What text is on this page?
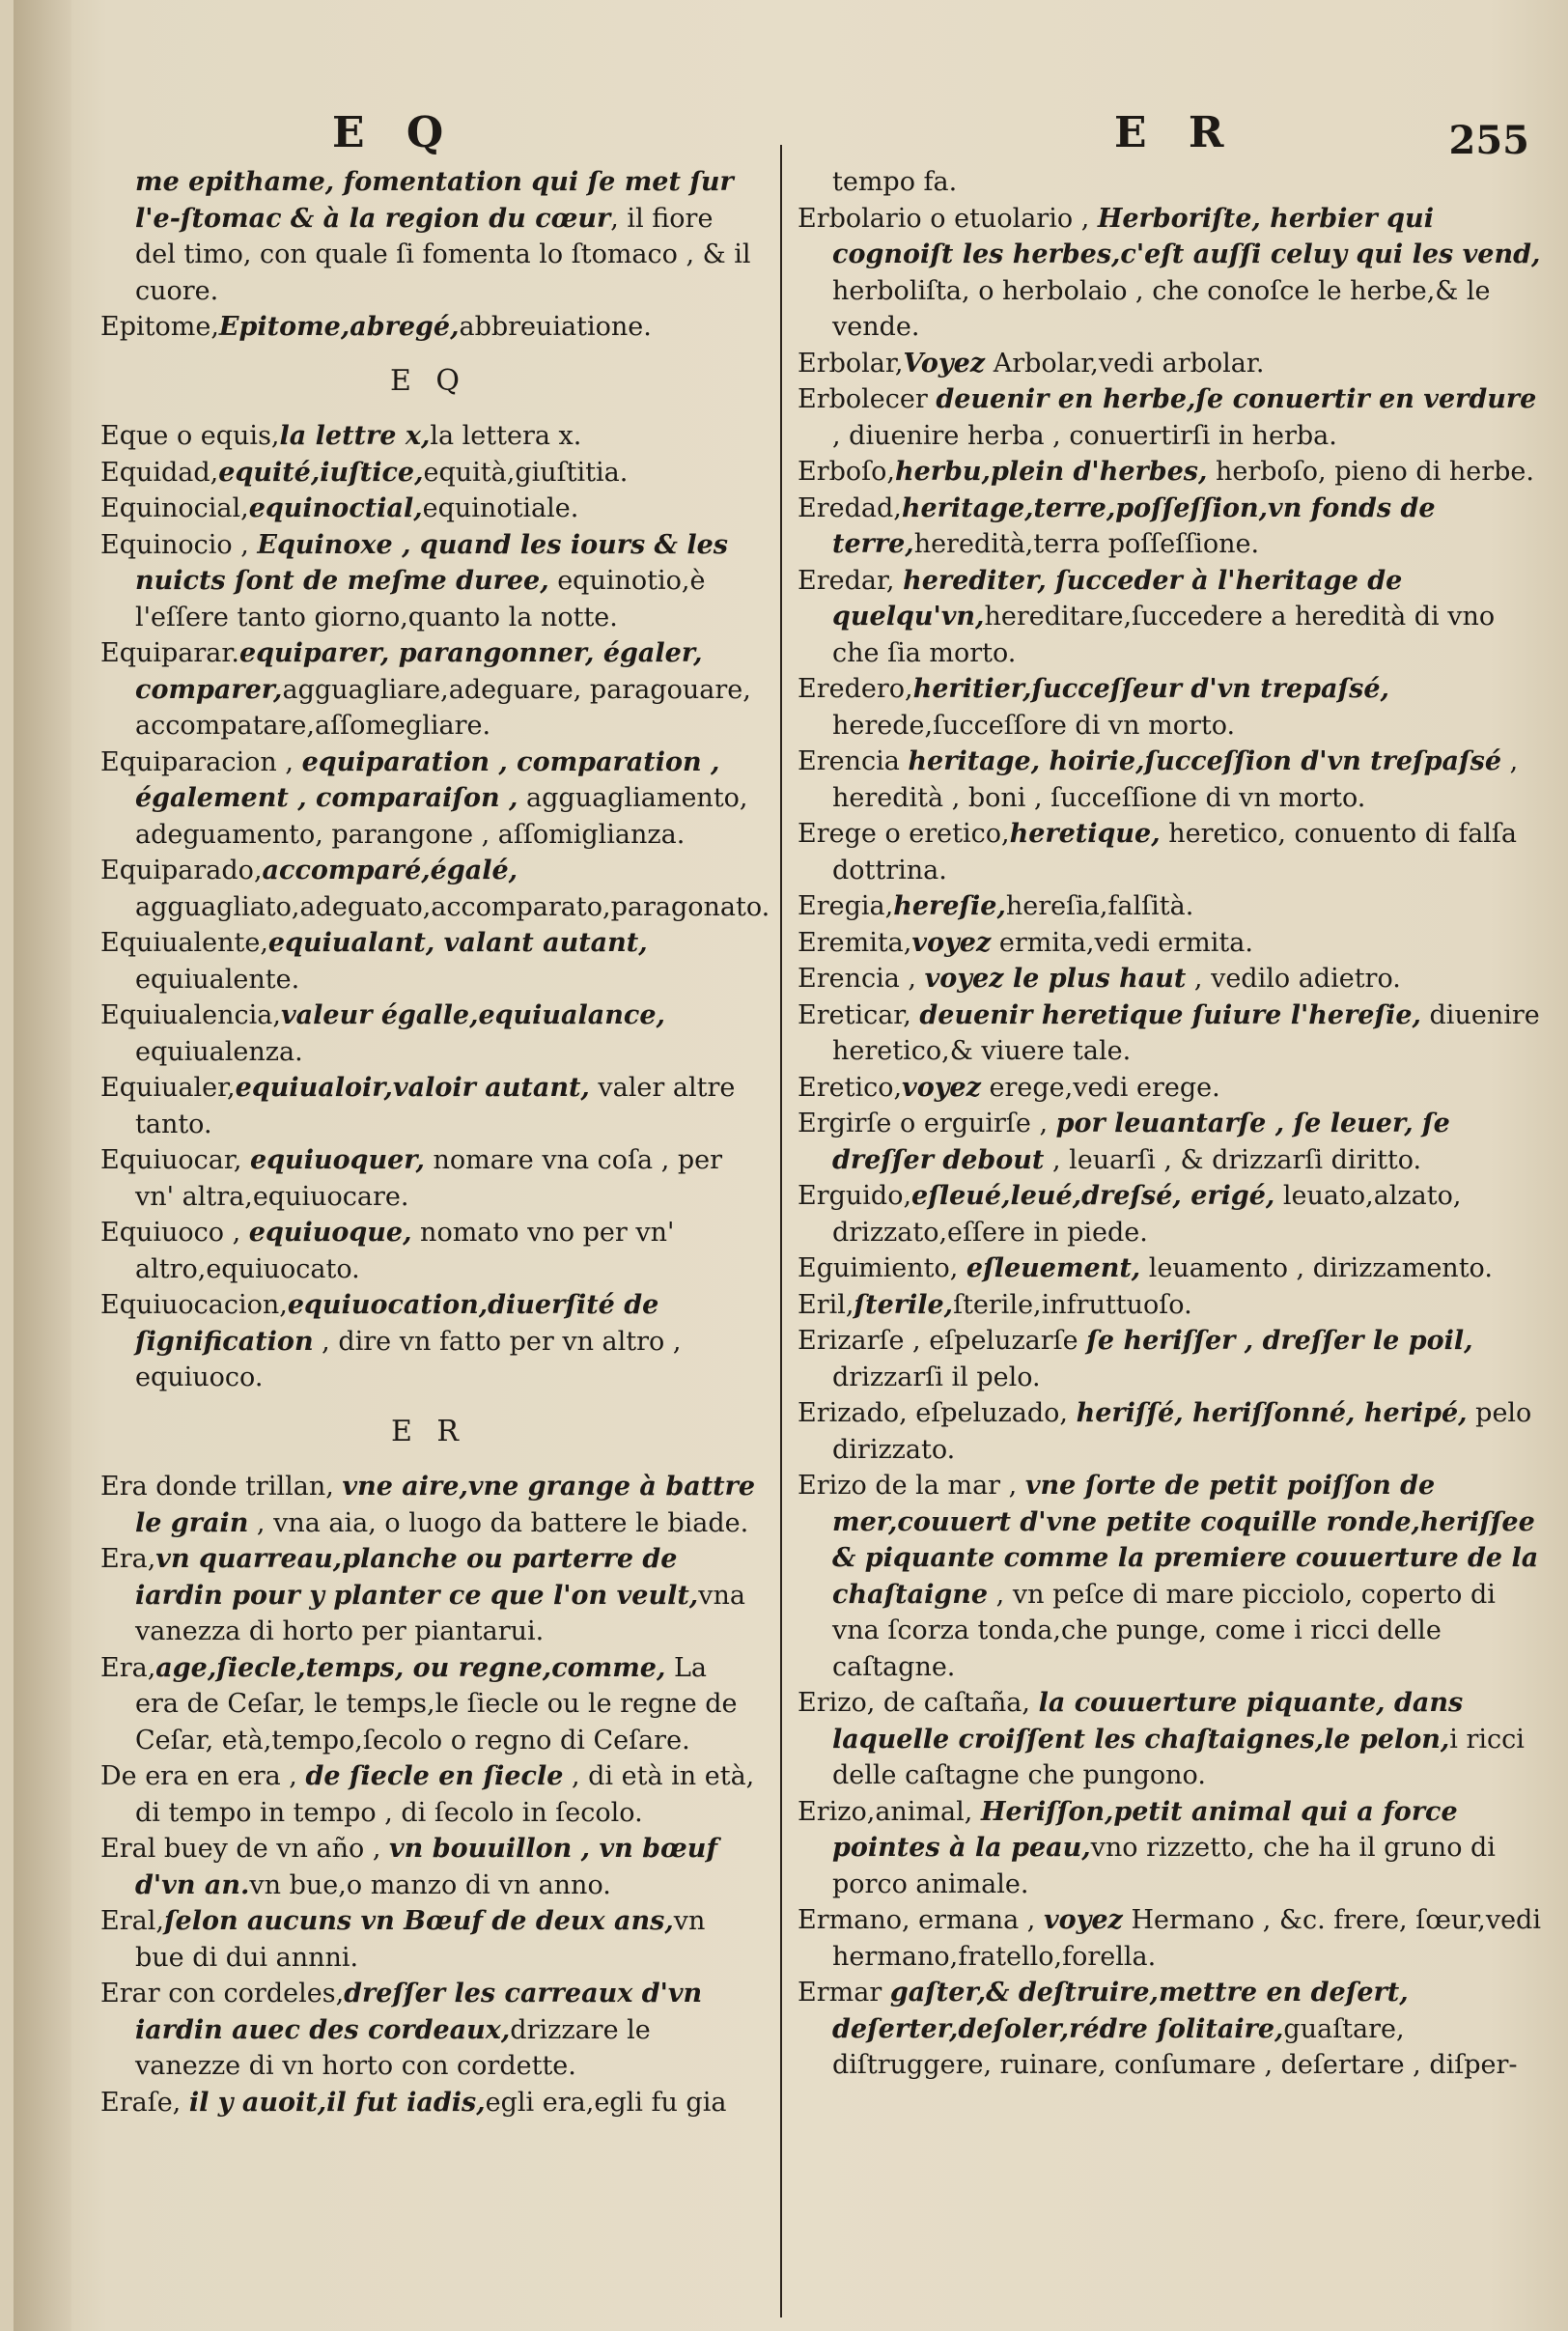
E Q	E R	255
me epithame, fomentation qui ſe met ſur l'e-ſtomac & à la region du cœur, il fiore del timo, con quale ſi fomenta lo ſtomaco , & il cuore.
Epitome,Epitome,abregé,abbreuiatione.
E Q
Eque o equis,la lettre x,la lettera x.
Equidad,equité,iuſtice,equità,giuſtitia.
Equinocial,equinoctial,equinotiale.
Equinocio , Equinoxe , quand les iours & les nuicts ſont de meſme duree, equinotio,è l'eſſere tanto giorno,quanto la notte.
Equiparar.equiparer, parangonner, égaler, comparer,agguagliare,adeguare, paragouare, accompatare,aſſomegliare.
Equiparacion , equiparation , comparation , également , comparaiſon , agguagliamento, adeguamento, parangone , aſſomiglianza.
Equiparado,accomparé,égalé, agguagliato,adeguato,accomparato,paragonato.
Equiualente,equiualant, valant autant, equiualente.
Equiualencia,valeur égalle,equiualance, equiualenza.
Equiualer,equiualoir,valoir autant, valer altre tanto.
Equiuocar, equiuoquer, nomare vna coſa , per vn' altra,equiuocare.
Equiuoco , equiuoque, nomato vno per vn' altro,equiuocato.
Equiuocacion,equiuocation,diuerſité de ſignification , dire vn fatto per vn altro , equiuoco.
E R
Era donde trillan, vne aire,vne grange à battre le grain , vna aia, o luogo da battere le biade.
Era,vn quarreau,planche ou parterre de iardin pour y planter ce que l'on veult,vna vanezza di horto per piantarui.
Era,age,ſiecle,temps, ou regne,comme, La era de Ceſar, le temps,le ſiecle ou le regne de Ceſar, età,tempo,ſecolo o regno di Ceſare.
De era en era , de ſiecle en ſiecle , di età in età, di tempo in tempo , di ſecolo in ſecolo.
Eral buey de vn año , vn bouuillon , vn bœuf d'vn an.vn bue,o manzo di vn anno.
Eral,ſelon aucuns vn Bœuf de deux ans,vn bue di dui annni.
Erar con cordeles,dreſſer les carreaux d'vn iardin auec des cordeaux,drizzare le vanezze di vn horto con cordette.
Eraſe, il y auoit,il fut iadis,egli era,egli fu gia
tempo fa.
Erbolario o etuolario , Herboriſte, herbier qui cognoiſt les herbes,c'eſt auſſi celuy qui les vend, herboliſta, o herbolaio , che conoſce le herbe,& le vende.
Erbolar,Voyez Arbolar,vedi arbolar.
Erbolecer deuenir en herbe,ſe conuertir en verdure , diuenire herba , conuertirſi in herba.
Erboſo,herbu,plein d'herbes, herboſo, pieno di herbe.
Eredad,heritage,terre,poſſeſſion,vn fonds de terre,heredità,terra poſſeſſione.
Eredar, herediter, ſucceder à l'heritage de quelqu'vn,hereditare,ſuccedere a heredità di vno che ſia morto.
Eredero,heritier,ſucceſſeur d'vn trepaſsé, herede,ſucceſſore di vn morto.
Erencia heritage, hoirie,ſucceſſion d'vn treſpaſsé , heredità , boni , ſucceſſione di vn morto.
Erege o eretico,heretique, heretico, conuento di falſa dottrina.
Eregia,hereſie,hereſia,falſità.
Eremita,voyez ermita,vedi ermita.
Erencia , voyez le plus haut , vedilo adietro.
Ereticar, deuenir heretique ſuiure l'hereſie, diuenire heretico,& viuere tale.
Eretico,voyez erege,vedi erege.
Ergirſe o erguirſe , por leuantarſe , ſe leuer, ſe dreſſer debout , leuarſi , & drizzarſi diritto.
Erguido,eſleué,leué,dreſsé, erigé, leuato,alzato, drizzato,eſſere in piede.
Eguimiento, eſleuement, leuamento , dirizzamento.
Eril,ſterile,ſterile,infruttuoſo.
Erizarſe , eſpeluzarſe ſe heriſſer , dreſſer le poil, drizzarſi il pelo.
Erizado, eſpeluzado, heriſſé, heriſſonné, heripé, pelo dirizzato.
Erizo de la mar , vne ſorte de petit poiſſon de mer,couuert d'vne petite coquille ronde,heriſſee & piquante comme la premiere couuerture de la chaſtaigne , vn peſce di mare picciolo, coperto di vna ſcorza tonda,che punge, come i ricci delle caſtagne.
Erizo, de caſtaña, la couuerture piquante, dans laquelle croiſſent les chaſtaignes,le pelon,i ricci delle caſtagne che pungono.
Erizo,animal, Heriſſon,petit animal qui a force pointes à la peau,vno rizzetto, che ha il gruno di porco animale.
Ermano, ermana , voyez Hermano , &c. frere, ſœur,vedi hermano,fratello,forella.
Ermar gaſter,& deſtruire,mettre en deſert, deſerter,deſoler,rédre ſolitaire,guaſtare, diſtruggere, ruinare, conſumare , deſertare , diſper-
